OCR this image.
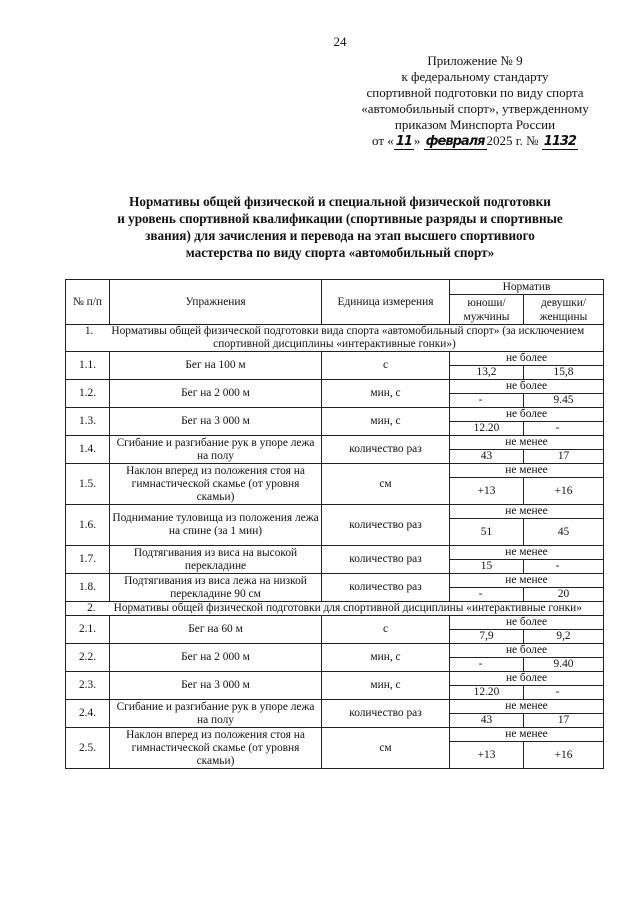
24
Приложение № 9
к федеральному стандарту
спортивной подготовки по виду спорта
«автомобильный спорт», утвержденному
приказом Минспорта России
от « 11 » февраля 2025 г. № 1132
Нормативы общей физической и специальной физической подготовки
и уровень спортивной квалификации (спортивные разряды и спортивные
звания) для зачисления и перевода на этап высшего спортивиого
мастерства по виду спорта «автомобильный спорт»
№ п/п	Упражнения	Единица измерения	Норматив	
			юноши/ мужчины	девушки/ женщины
1. Нормативы общей физической подготовки вида спорта «автомобильный спорт» (за исключением спортивной дисциплины «интерактивные гонки»)				
1.1.	Бег на 100 м	с	не более	
			13,2	15,8
1.2.	Бег на 2 000 м	мин, с	не более	
			-	9.45
1.3.	Бег на 3 000 м	мин, с	не более	
			12.20	-
1.4.	Сгибание и разгибание рук в упоре лежа на полу	количество раз	не менее	
			43	17
1.5.	Наклон вперед из положения стоя на гимнастической скамье (от уровня скамьи)	см	не менее	
			+13	+16
1.6.	Поднимание туловища из положения лежа на спине (за 1 мин)	количество раз	не менее	
			51	45
1.7.	Подтягивания из виса на высокой перекладине	количество раз	не менее	
			15	-
1.8.	Подтягивания из виса лежа на низкой перекладине 90 см	количество раз	не менее	
			-	20
2. Нормативы общей физической подготовки для спортивной дисциплины «интерактивные гонки»				
2.1.	Бег на 60 м	с	не более	
			7,9	9,2
2.2.	Бег на 2 000 м	мин, с	не более	
			-	9.40
2.3.	Бег на 3 000 м	мин, с	не более	
			12.20	-
2.4.	Сгибание и разгибание рук в упоре лежа на полу	количество раз	не менее	
			43	17
2.5.	Наклон вперед из положения стоя на гимнастической скамье (от уровня скамьи)	см	не менее	
			+13	+16
